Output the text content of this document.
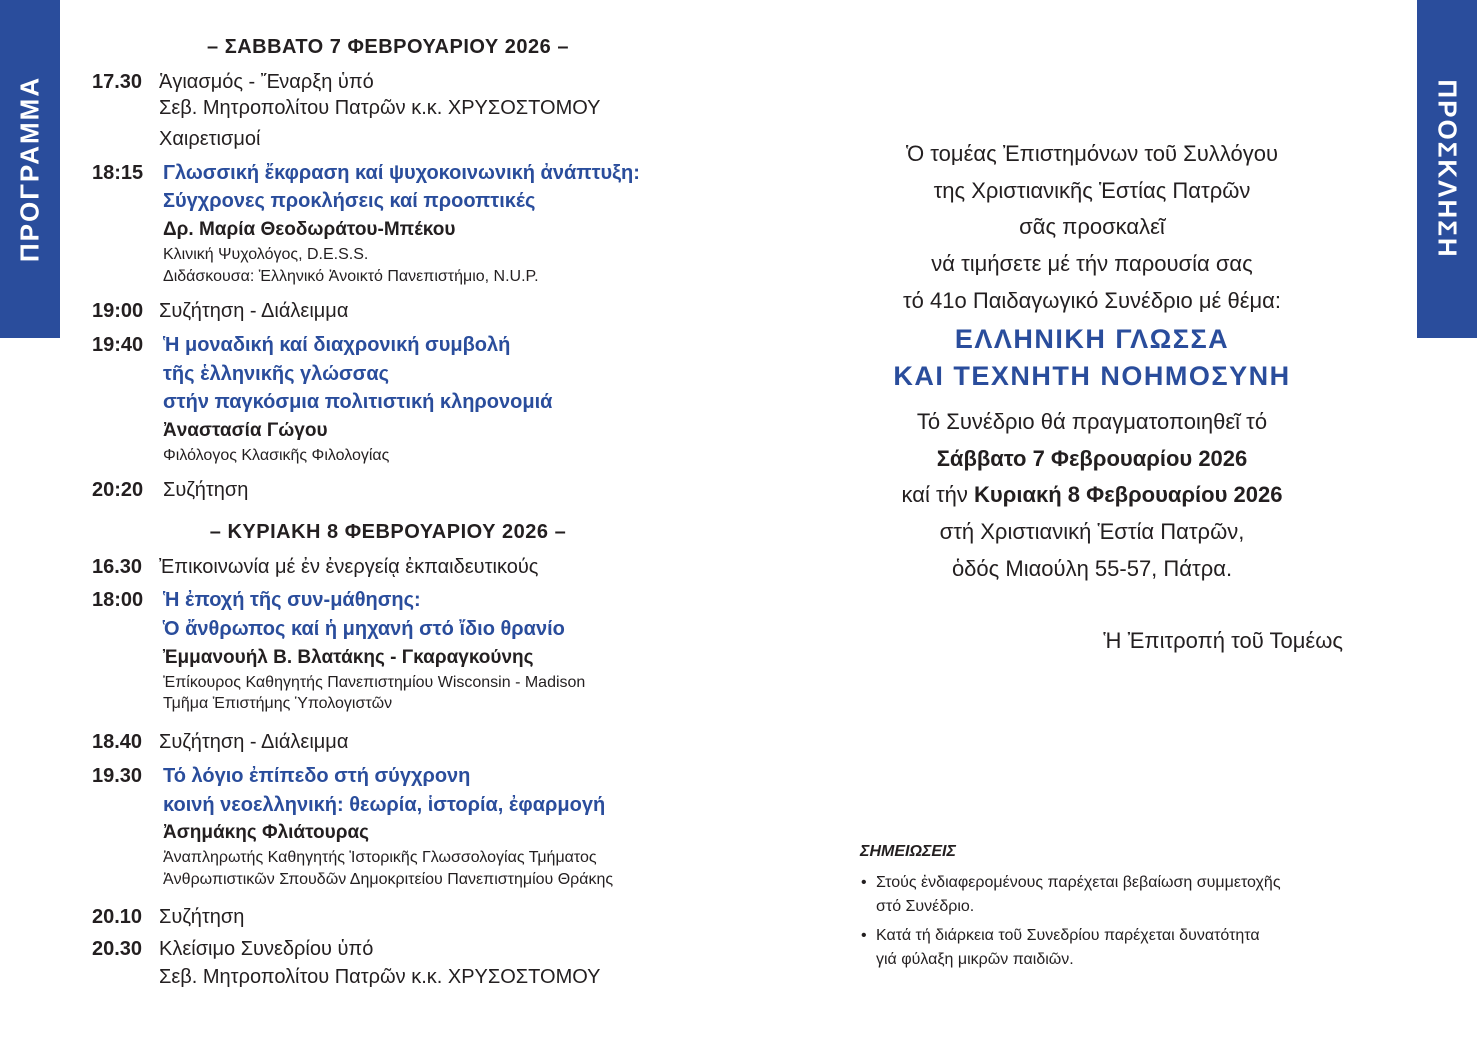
ΠΡΟΓΡΑΜΜΑ	ΠΡΟΣΚΛΗΣΗ
– ΣΑΒΒΑΤΟ 7 ΦΕΒΡΟΥΑΡΙΟΥ 2026 –
17.30 Ἁγιασμός - Ἔναρξη ὑπό
Σεβ. Μητροπολίτου Πατρῶν κ.κ. ΧΡΥΣΟΣΤΟΜΟΥ
Χαιρετισμοί
18:15 Γλωσσική ἔκφραση καί ψυχοκοινωνική ἀνάπτυξη:
Σύγχρονες προκλήσεις καί προοπτικές
Δρ. Μαρία Θεοδωράτου-Μπέκου
Κλινική Ψυχολόγος, D.E.S.S.
Διδάσκουσα: Ἑλληνικό Ἀνοικτό Πανεπιστήμιο, N.U.P.
19:00 Συζήτηση - Διάλειμμα
19:40 Ἡ μοναδική καί διαχρονική συμβολή
τῆς ἑλληνικῆς γλώσσας
στήν παγκόσμια πολιτιστική κληρονομιά
Ἀναστασία Γώγου
Φιλόλογος Κλασικῆς Φιλολογίας
20:20 Συζήτηση
– ΚΥΡΙΑΚΗ 8 ΦΕΒΡΟΥΑΡΙΟΥ 2026 –
16.30 Ἐπικοινωνία μέ ἐν ἐνεργείᾳ ἐκπαιδευτικούς
18:00 Ἡ ἐποχή τῆς συν-μάθησης:
Ὁ ἄνθρωπος καί ἡ μηχανή στό ἴδιο θρανίο
Ἐμμανουήλ Β. Βλατάκης - Γκαραγκούνης
Ἐπίκουρος Καθηγητής Πανεπιστημίου Wisconsin - Madison
Τμῆμα Ἐπιστήμης Ὑπολογιστῶν
18.40 Συζήτηση - Διάλειμμα
19.30 Τό λόγιο ἐπίπεδο στή σύγχρονη
κοινή νεοελληνική: θεωρία, ἱστορία, ἐφαρμογή
Ἀσημάκης Φλιάτουρας
Ἀναπληρωτής Καθηγητής Ἱστορικῆς Γλωσσολογίας Τμήματος
Ἀνθρωπιστικῶν Σπουδῶν Δημοκριτείου Πανεπιστημίου Θράκης
20.10 Συζήτηση
20.30 Κλείσιμο Συνεδρίου ὑπό
Σεβ. Μητροπολίτου Πατρῶν κ.κ. ΧΡΥΣΟΣΤΟΜΟΥ
Ὁ τομέας Ἐπιστημόνων τοῦ Συλλόγου
της Χριστιανικῆς Ἑστίας Πατρῶν
σᾶς προσκαλεῖ
νά τιμήσετε μέ τήν παρουσία σας
τό 41ο Παιδαγωγικό Συνέδριο μέ θέμα:
ΕΛΛΗΝΙΚΗ ΓΛΩΣΣΑ
ΚΑΙ ΤΕΧΝΗΤΗ ΝΟΗΜΟΣΥΝΗ
Τό Συνέδριο θά πραγματοποιηθεῖ τό
Σάββατο 7 Φεβρουαρίου 2026
καί τήν Κυριακή 8 Φεβρουαρίου 2026
στή Χριστιανική Ἑστία Πατρῶν,
ὁδός Μιαούλη 55-57, Πάτρα.
Ἡ Ἐπιτροπή τοῦ Τομέως
ΣΗΜΕΙΩΣΕΙΣ
• Στούς ἐνδιαφερομένους παρέχεται βεβαίωση συμμετοχῆς
στό Συνέδριο.
• Κατά τή διάρκεια τοῦ Συνεδρίου παρέχεται δυνατότητα
γιά φύλαξη μικρῶν παιδιῶν.
